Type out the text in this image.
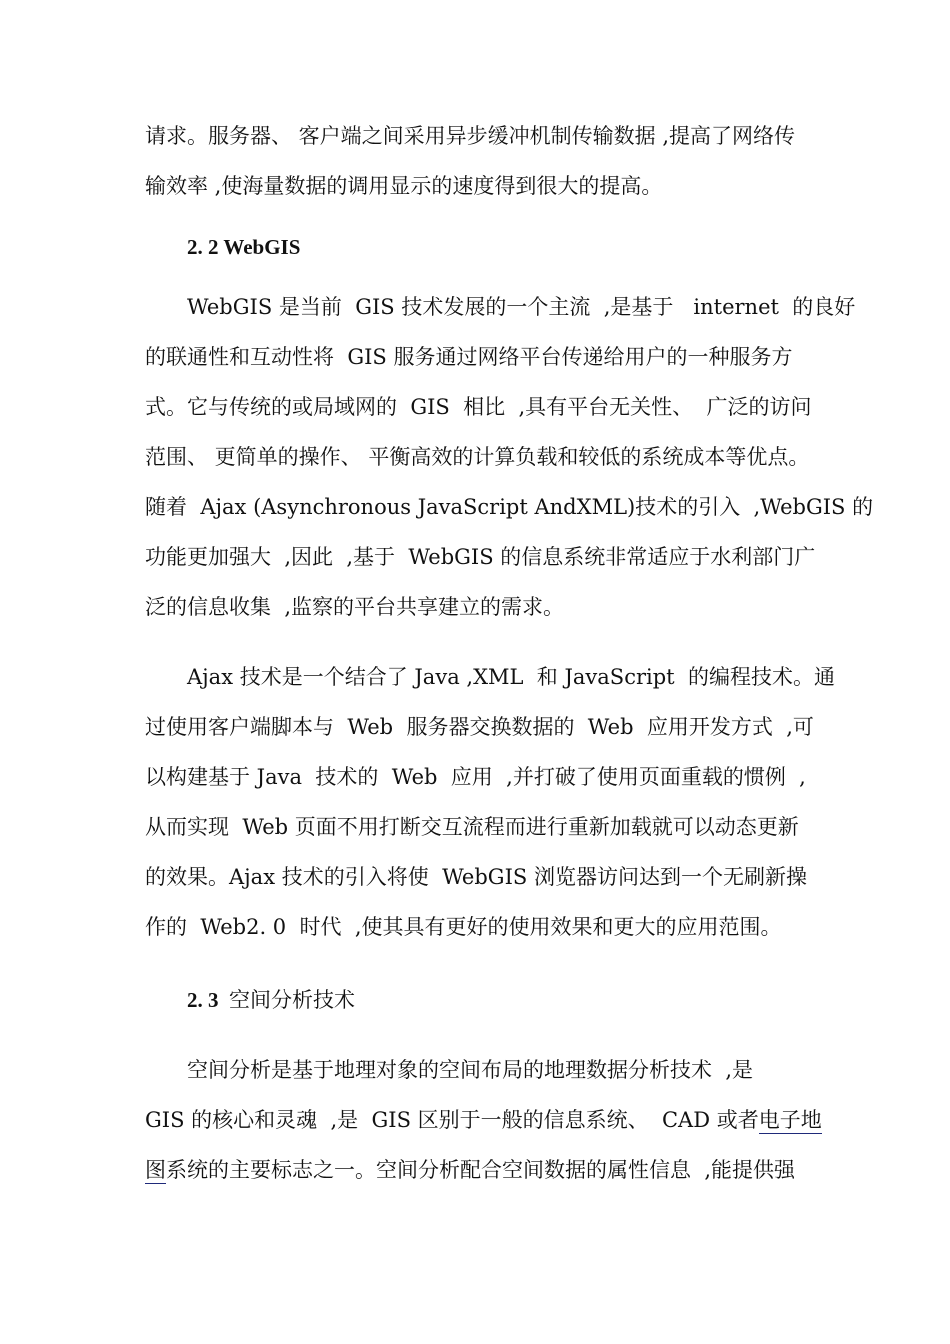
请求。服务器、 客户端之间采用异步缓冲机制传输数据 ,提高了网络传
输效率 ,使海量数据的调用显示的速度得到很大的提高。
2. 2 WebGIS
WebGIS 是当前  GIS 技术发展的一个主流  ,是基于   internet  的良好
的联通性和互动性将  GIS 服务通过网络平台传递给用户的一种服务方
式。它与传统的或局域网的  GIS  相比  ,具有平台无关性、  广泛的访问
范围、 更简单的操作、 平衡高效的计算负载和较低的系统成本等优点。
随着  Ajax (Asynchronous JavaScript AndXML)技术的引入  ,WebGIS 的
功能更加强大  ,因此  ,基于  WebGIS 的信息系统非常适应于水利部门广
泛的信息收集  ,监察的平台共享建立的需求。
Ajax 技术是一个结合了 Java ,XML  和 JavaScript  的编程技术。通
过使用客户端脚本与  Web  服务器交换数据的  Web  应用开发方式  ,可
以构建基于 Java  技术的  Web  应用  ,并打破了使用页面重载的惯例  ,
从而实现  Web 页面不用打断交互流程而进行重新加载就可以动态更新
的效果。Ajax 技术的引入将使  WebGIS 浏览器访问达到一个无刷新操
作的  Web2. 0  时代  ,使其具有更好的使用效果和更大的应用范围。
2. 3 空间分析技术
空间分析是基于地理对象的空间布局的地理数据分析技术  ,是
GIS 的核心和灵魂  ,是  GIS 区别于一般的信息系统、  CAD 或者电子地
图系统的主要标志之一。空间分析配合空间数据的属性信息  ,能提供强
